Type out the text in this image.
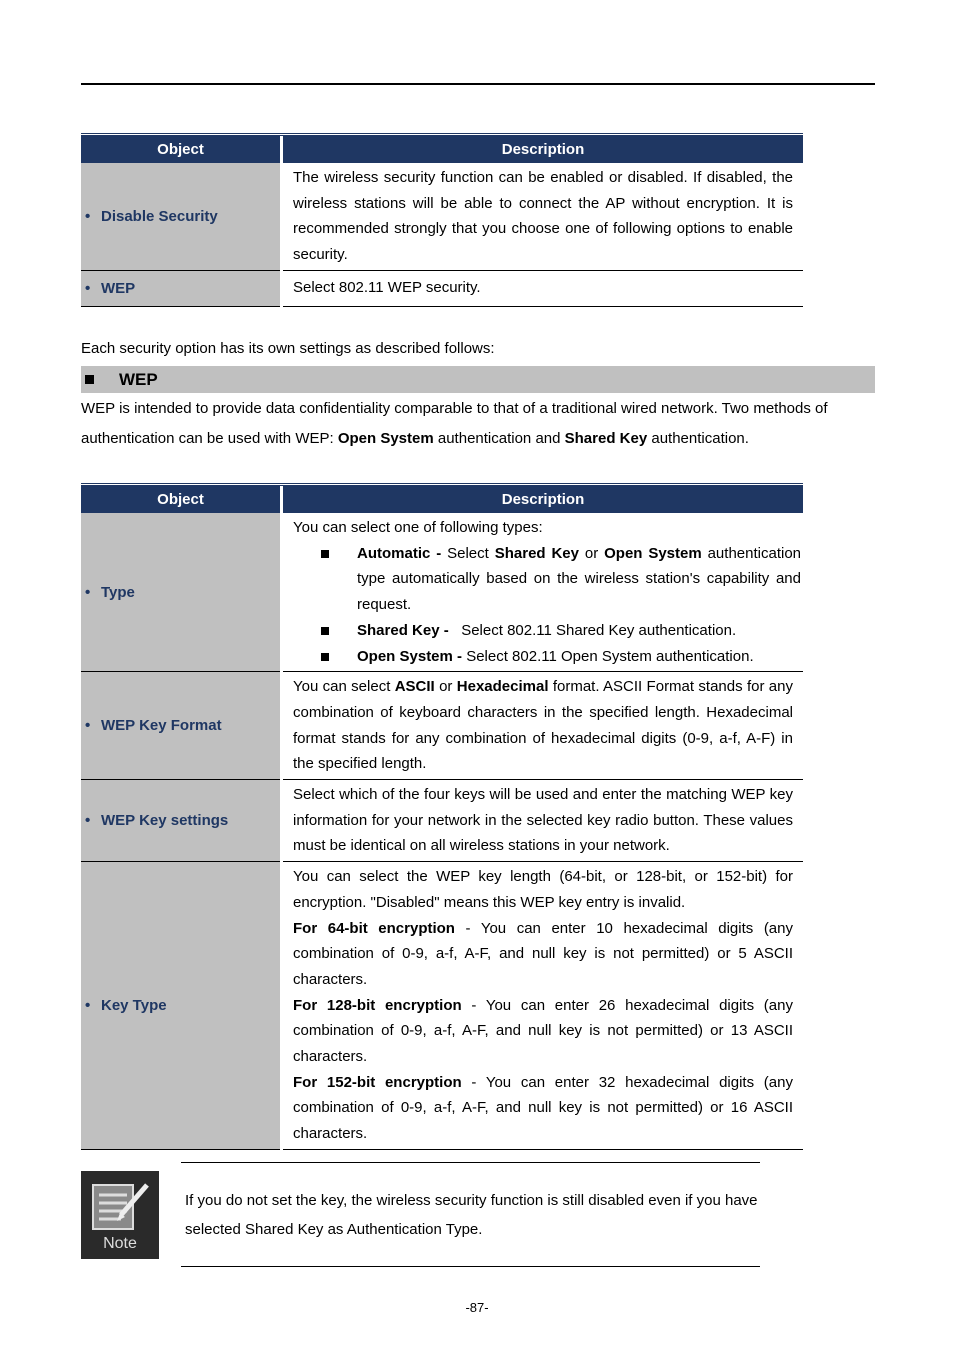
Object	Description
• Disable Security	The wireless security function can be enabled or disabled. If disabled, the wireless stations will be able to connect the AP without encryption. It is recommended strongly that you choose one of following options to enable security.
• WEP	Select 802.11 WEP security.
Each security option has its own settings as described follows:
WEP
WEP is intended to provide data confidentiality comparable to that of a traditional wired network. Two methods of authentication can be used with WEP: Open System authentication and Shared Key authentication.
Object	Description
• Type	You can select one of following types:
Automatic - Select Shared Key or Open System authentication type automatically based on the wireless station's capability and request.
Shared Key -   Select 802.11 Shared Key authentication.
Open System - Select 802.11 Open System authentication.

• WEP Key Format	You can select ASCII or Hexadecimal format. ASCII Format stands for any combination of keyboard characters in the specified length. Hexadecimal format stands for any combination of hexadecimal digits (0-9, a-f, A-F) in the specified length.
• WEP Key settings	Select which of the four keys will be used and enter the matching WEP key information for your network in the selected key radio button. These values must be identical on all wireless stations in your network.
• Key Type	You can select the WEP key length (64-bit, or 128-bit, or 152-bit) for encryption. "Disabled" means this WEP key entry is invalid.
For 64-bit encryption - You can enter 10 hexadecimal digits (any combination of 0-9, a-f, A-F, and null key is not permitted) or 5 ASCII characters.
For 128-bit encryption - You can enter 26 hexadecimal digits (any combination of 0-9, a-f, A-F, and null key is not permitted) or 13 ASCII characters.
For 152-bit encryption - You can enter 32 hexadecimal digits (any combination of 0-9, a-f, A-F, and null key is not permitted) or 16 ASCII characters.
Note
If you do not set the key, the wireless security function is still disabled even if you have selected Shared Key as Authentication Type.
-87-
